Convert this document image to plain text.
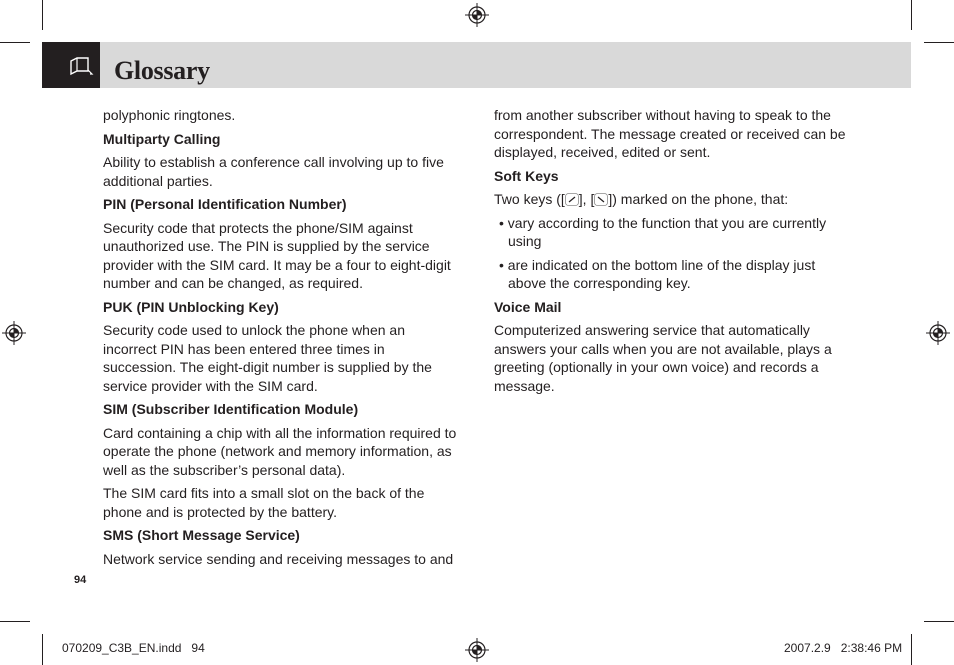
Glossary

polyphonic ringtones.

Multiparty Calling

Ability to establish a conference call involving up to five additional parties.

PIN (Personal Identification Number)

Security code that protects the phone/SIM against unauthorized use. The PIN is supplied by the service provider with the SIM card. It may be a four to eight-digit number and can be changed, as required.

PUK (PIN Unblocking Key)

Security code used to unlock the phone when an incorrect PIN has been entered three times in succession. The eight-digit number is supplied by the service provider with the SIM card.

SIM (Subscriber Identification Module)

Card containing a chip with all the information required to operate the phone (network and memory information, as well as the subscriber’s personal data).

The SIM card fits into a small slot on the back of the phone and is protected by the battery.

SMS (Short Message Service)

Network service sending and receiving messages to and

from another subscriber without having to speak to the correspondent. The message created or received can be displayed, received, edited or sent.

Soft Keys

Two keys ([ ], [ ]) marked on the phone, that:

• vary according to the function that you are currently using

• are indicated on the bottom line of the display just above the corresponding key.

Voice Mail

Computerized answering service that automatically answers your calls when you are not available, plays a greeting (optionally in your own voice) and records a message.

94
070209_C3B_EN.indd   94	2007.2.9   2:38:46 PM
